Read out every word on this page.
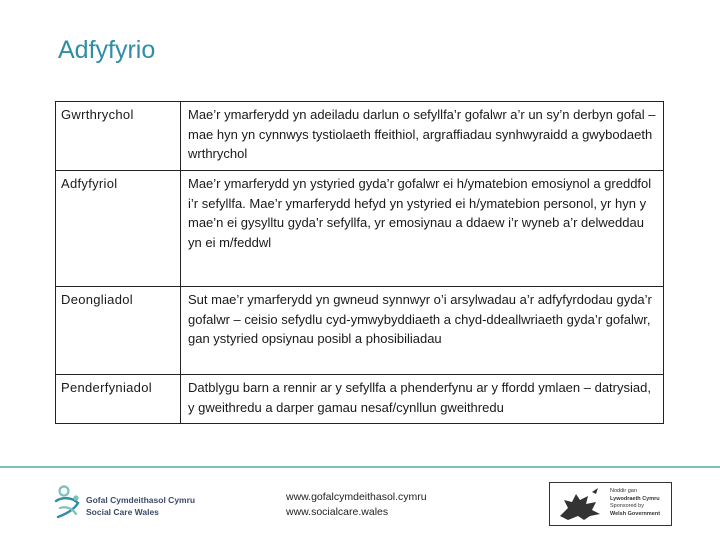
Adfyfyrio
Gwrthrychol	Mae’r ymarferydd yn adeiladu darlun o sefyllfa’r gofalwr a’r un sy’n derbyn gofal – mae hyn yn cynnwys tystiolaeth ffeithiol, argraffiadau synhwyraidd a gwybodaeth wrthrychol
Adfyfyriol	Mae’r ymarferydd yn ystyried gyda’r gofalwr ei h/ymatebion emosiynol a greddfol i’r sefyllfa. Mae’r ymarferydd hefyd yn ystyried ei h/ymatebion personol, yr hyn y mae’n ei gysylltu gyda’r sefyllfa, yr emosiynau a ddaew i’r wyneb a’r delweddau yn ei m/feddwl
Deongliadol	Sut mae’r ymarferydd yn gwneud synnwyr o’i arsylwadau a’r adfyfyrdodau gyda’r gofalwr – ceisio sefydlu cyd-ymwybyddiaeth a chyd-ddeallwriaeth gyda’r gofalwr, gan ystyried opsiynau posibl a phosibiliadau
Penderfyniadol	Datblygu barn a rennir ar y sefyllfa a phenderfynu ar y ffordd ymlaen – datrysiad, y gweithredu a darper gamau nesaf/cynllun gweithredu
Gofal Cymdeithasol Cymru
Social Care Wales
www.gofalcymdeithasol.cymru
www.socialcare.wales
Noddir gan
Lywodraeth Cymru
Sponsored by
Welsh Government
